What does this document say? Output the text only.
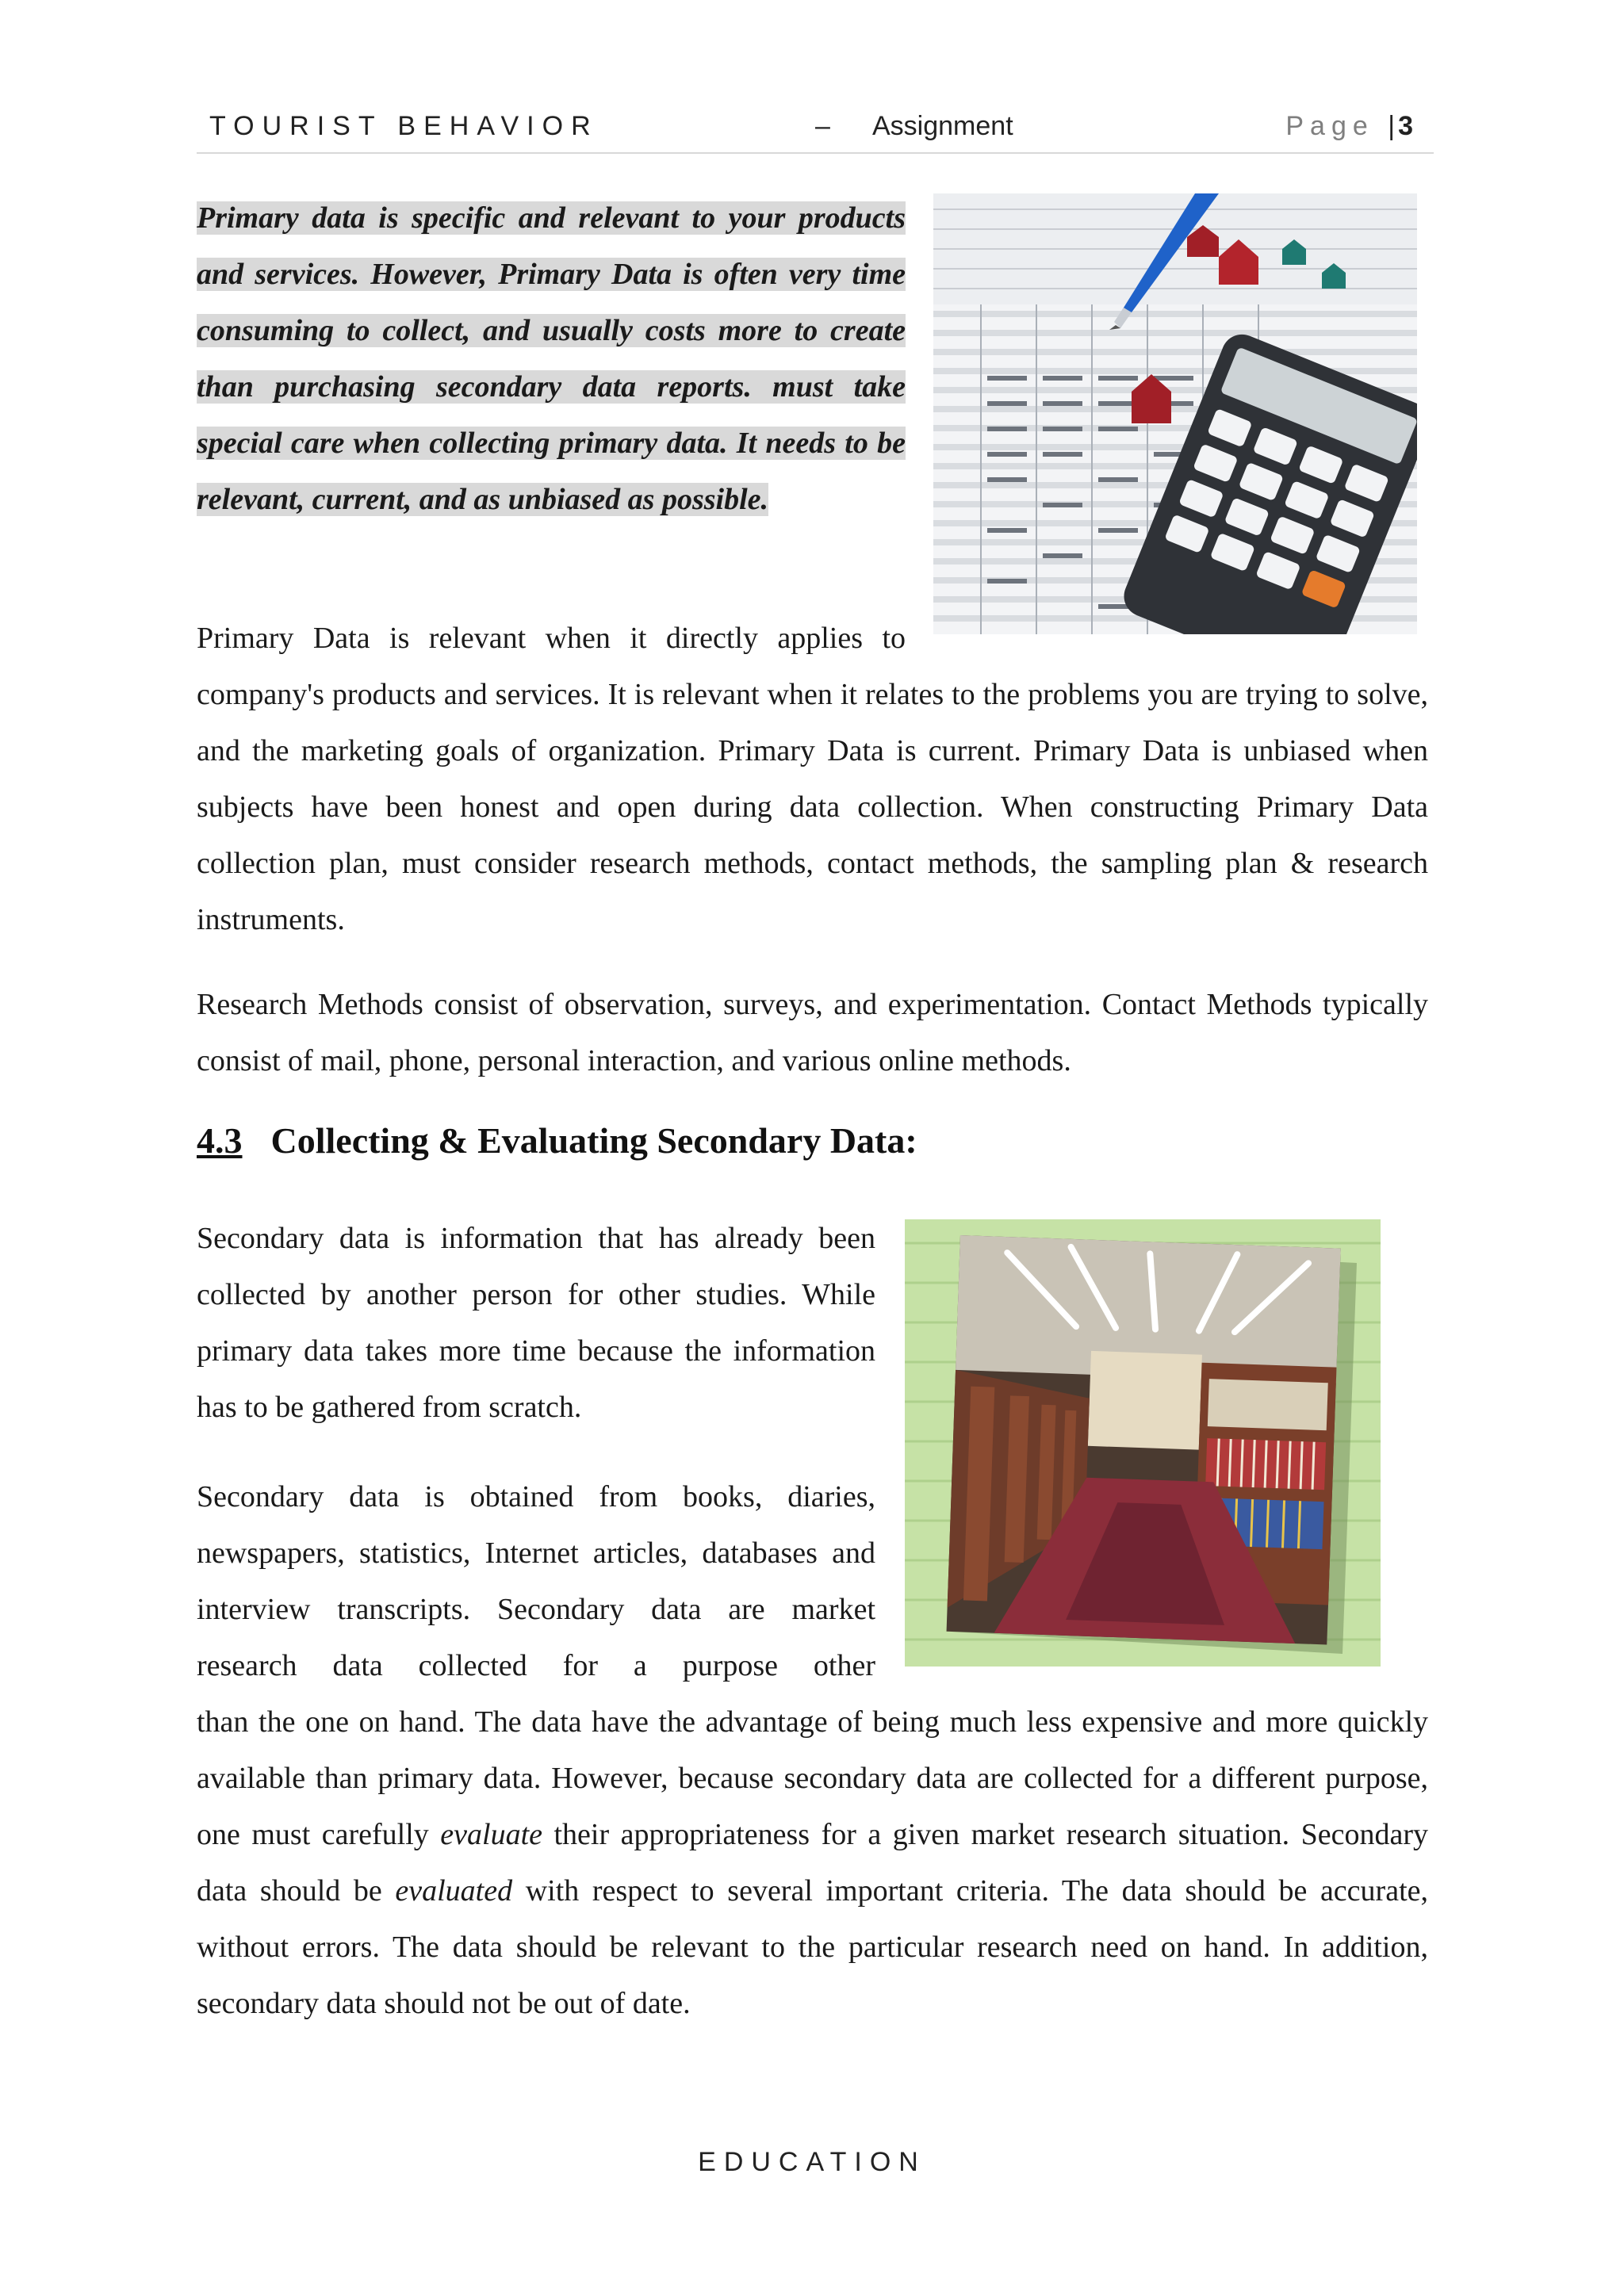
TOURIST BEHAVIOR	– Assignment	Page | 3
Primary data is specific and relevant to your products and services. However, Primary Data is often very time consuming to collect, and usually costs more to create than purchasing secondary data reports. must take special care when collecting primary data. It needs to be relevant, current, and as unbiased as possible.

Primary Data is relevant when it directly applies to

company's products and services. It is relevant when it relates to the problems you are trying to solve, and the marketing goals of organization. Primary Data is current. Primary Data is unbiased when subjects have been honest and open during data collection. When constructing Primary Data collection plan, must consider research methods, contact methods, the sampling plan & research instruments.

Research Methods consist of observation, surveys, and experimentation. Contact Methods typically consist of mail, phone, personal interaction, and various online methods.

4.3 Collecting & Evaluating Secondary Data:

Secondary data is information that has already been collected by another person for other studies. While primary data takes more time because the information has to be gathered from scratch.

Secondary data is obtained from books, diaries, newspapers, statistics, Internet articles, databases and interview transcripts. Secondary data are market research data collected for a purpose other

than the one on hand. The data have the advantage of being much less expensive and more quickly available than primary data. However, because secondary data are collected for a different purpose, one must carefully evaluate their appropriateness for a given market research situation. Secondary data should be evaluated with respect to several important criteria. The data should be accurate, without errors. The data should be relevant to the particular research need on hand. In addition, secondary data should not be out of date.

EDUCATION
